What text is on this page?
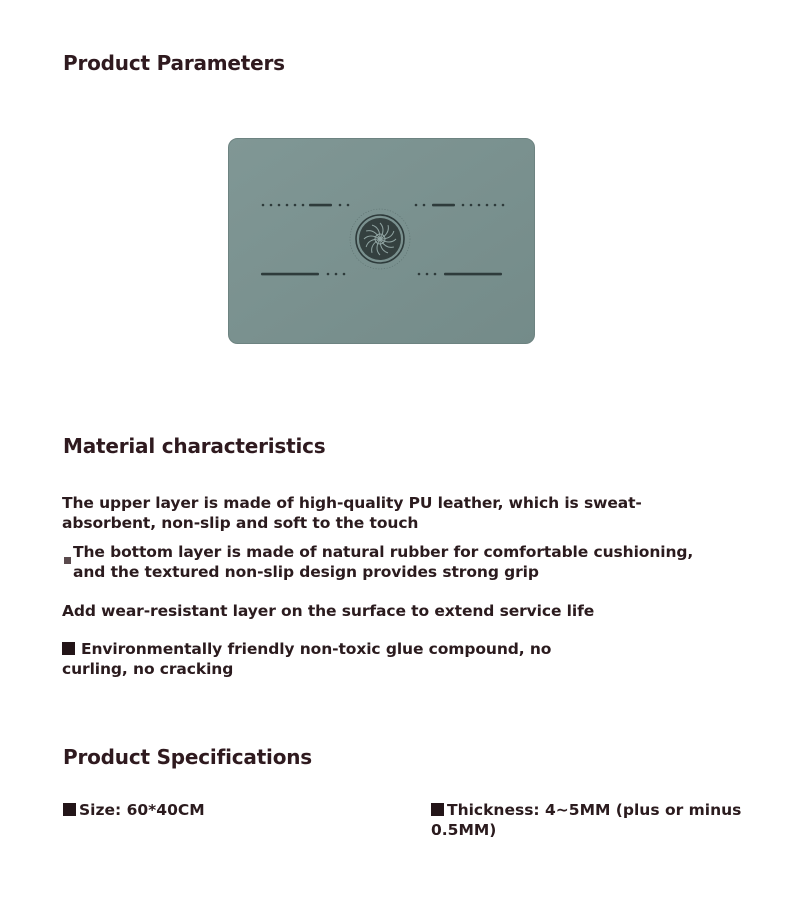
Product Parameters
Material characteristics

The upper layer is made of high-quality PU leather, which is sweat-
absorbent, non-slip and soft to the touch

The bottom layer is made of natural rubber for comfortable cushioning,
and the textured non-slip design provides strong grip

Add wear-resistant layer on the surface to extend service life

Environmentally friendly non-toxic glue compound, no
curling, no cracking
Product Specifications
Size: 60*40CM	Thickness: 4~5MM (plus or minus 0.5MM)
